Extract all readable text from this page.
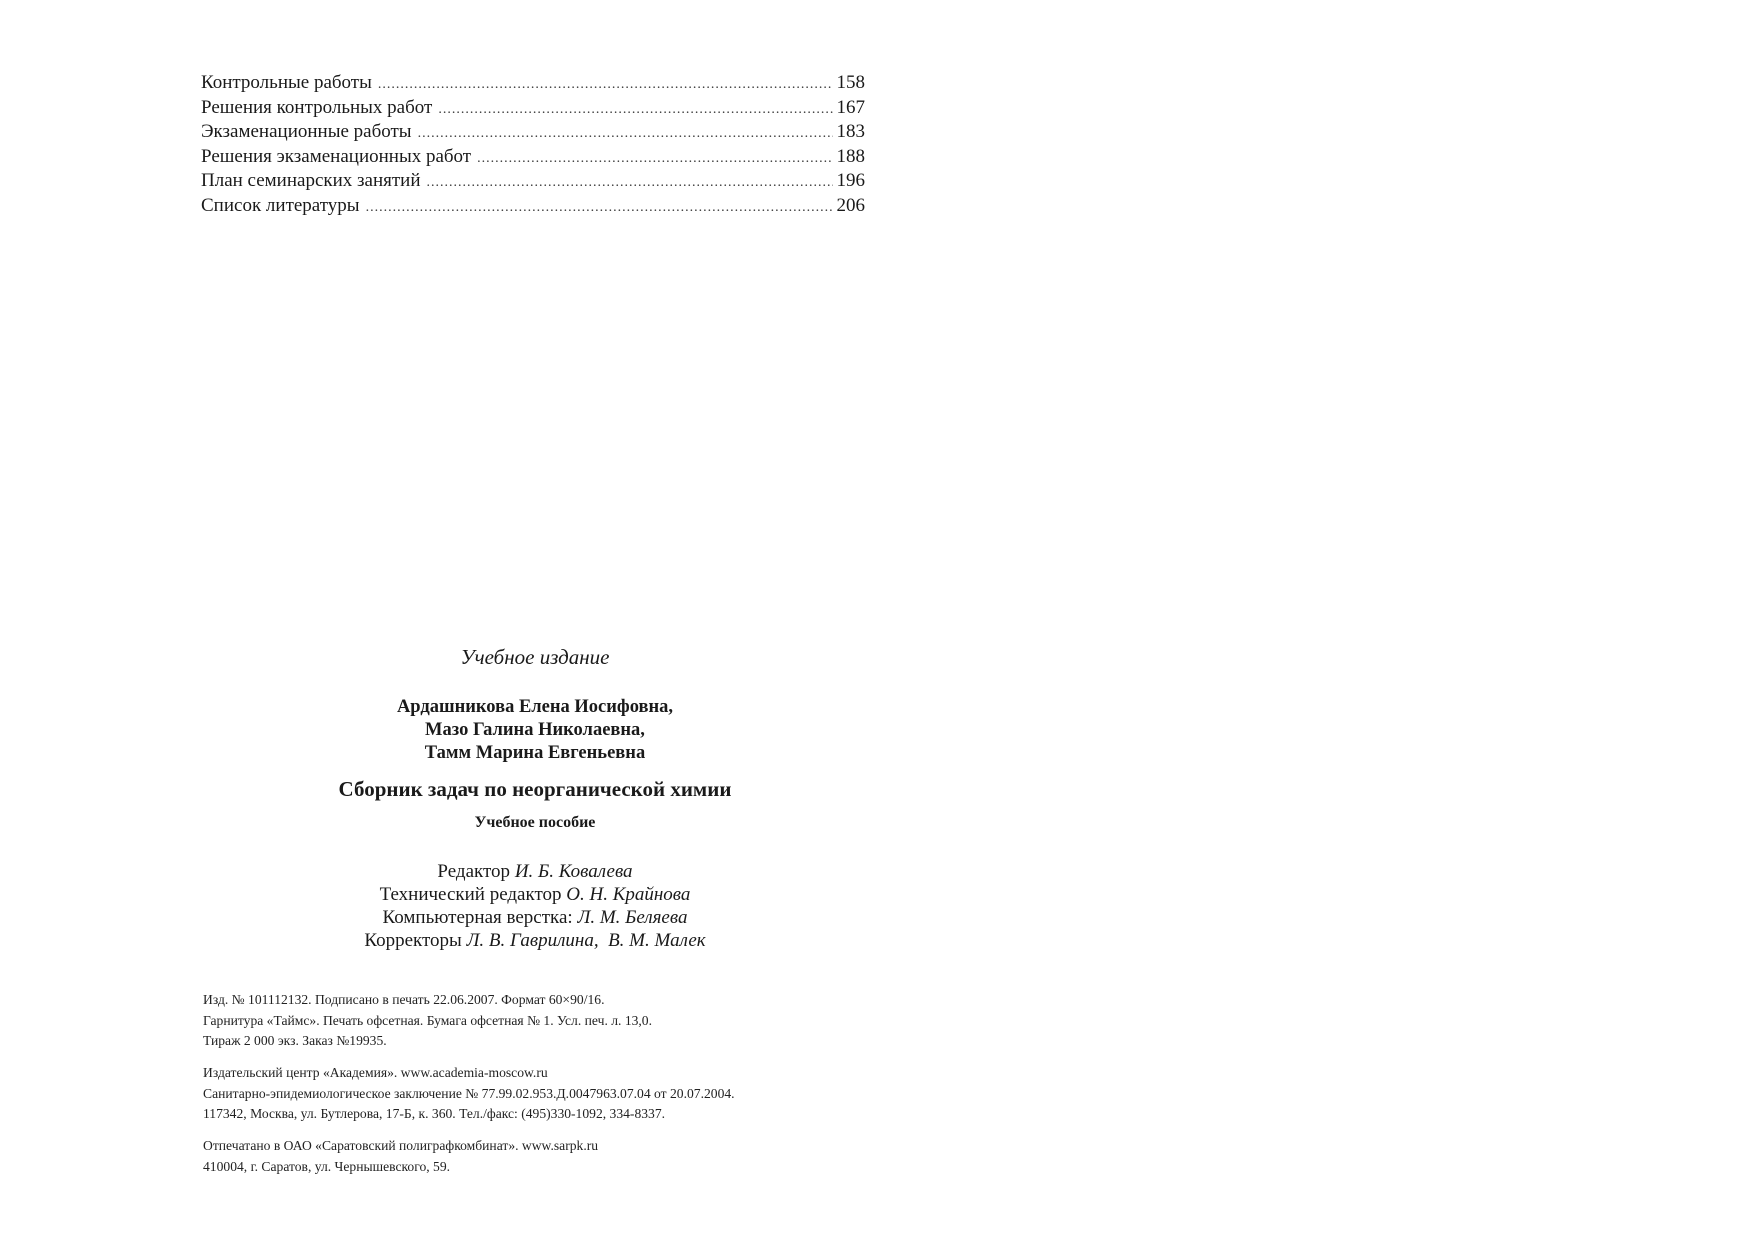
Контрольные работы .....	158
Решения контрольных работ .....	167
Экзаменационные работы .....	183
Решения экзаменационных работ .....	188
План семинарских занятий .....	196
Список литературы .....	206
Учебное издание
Ардашникова Елена Иосифовна,
Мазо Галина Николаевна,
Тамм Марина Евгеньевна
Сборник задач по неорганической химии
Учебное пособие
Редактор И. Б. Ковалева
Технический редактор О. Н. Крайнова
Компьютерная верстка: Л. М. Беляева
Корректоры Л. В. Гаврилина,  В. М. Малек
Изд. № 101112132. Подписано в печать 22.06.2007. Формат 60×90/16.
Гарнитура «Таймс». Печать офсетная. Бумага офсетная № 1. Усл. печ. л. 13,0.
Тираж 2 000 экз. Заказ №19935.
Издательский центр «Академия». www.academia-moscow.ru
Санитарно-эпидемиологическое заключение № 77.99.02.953.Д.0047963.07.04 от 20.07.2004.
117342, Москва, ул. Бутлерова, 17-Б, к. 360. Тел./факс: (495)330-1092, 334-8337.
Отпечатано в ОАО «Саратовский полиграфкомбинат». www.sarpk.ru
410004, г. Саратов, ул. Чернышевского, 59.
